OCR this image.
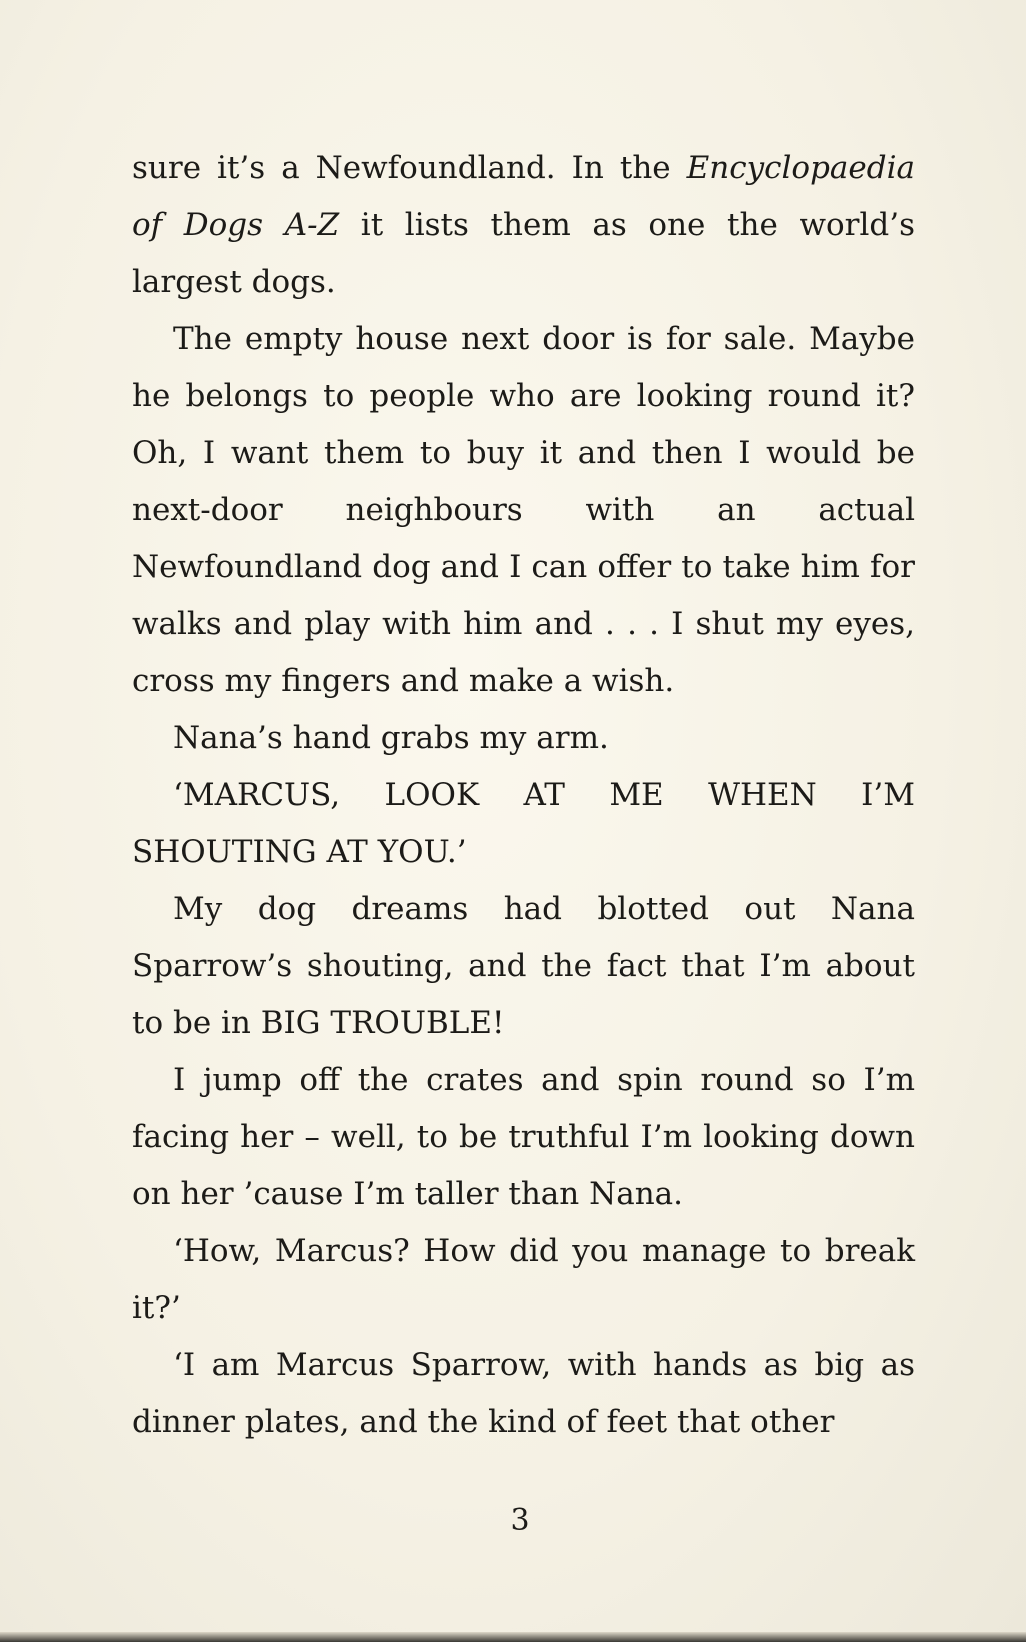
sure it’s a Newfoundland. In the Encyclopaedia of Dogs A-Z it lists them as one the world’s largest dogs.

The empty house next door is for sale. Maybe he belongs to people who are looking round it? Oh, I want them to buy it and then I would be next-door neighbours with an actual Newfoundland dog and I can offer to take him for walks and play with him and . . . I shut my eyes, cross my fingers and make a wish.

Nana’s hand grabs my arm.

‘MARCUS, LOOK AT ME WHEN I’M SHOUTING AT YOU.’

My dog dreams had blotted out Nana Sparrow’s shouting, and the fact that I’m about to be in BIG TROUBLE!

I jump off the crates and spin round so I’m facing her – well, to be truthful I’m looking down on her ’cause I’m taller than Nana.

‘How, Marcus? How did you manage to break it?’

‘I am Marcus Sparrow, with hands as big as dinner plates, and the kind of feet that other

3
